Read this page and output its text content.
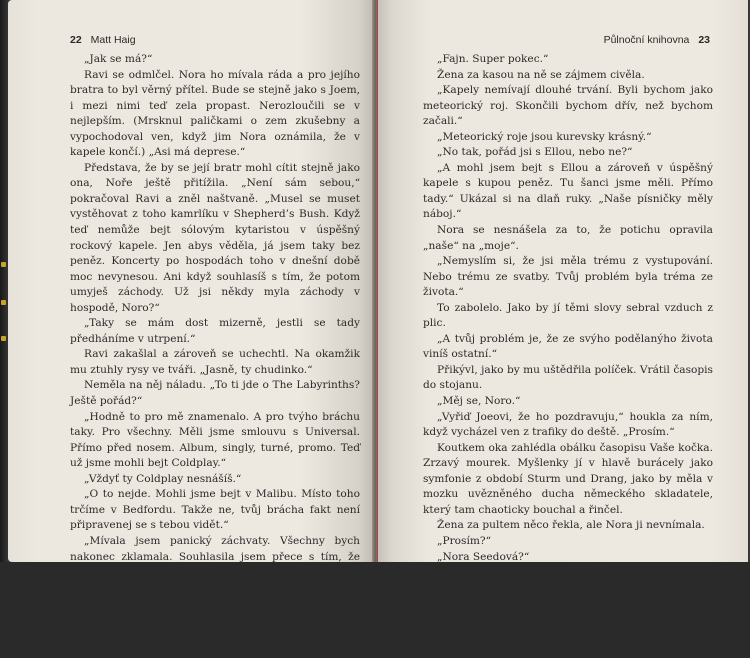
22 Matt Haig

„Jak se má?“

Ravi se odmlčel. Nora ho mívala ráda a pro jejího bratra to byl věrný přítel. Bude se stejně jako s Joem, i mezi nimi teď zela propast. Nerozloučili se v nejlepším. (Mrsknul paličkami o zem zkušebny a vypochodoval ven, když jim Nora oznámila, že v kapele končí.) „Asi má deprese.“

Představa, že by se její bratr mohl cítit stejně jako ona, Noře ještě přitížila. „Není sám sebou,“ pokračoval Ravi a zněl naštvaně. „Musel se muset vystěhovat z toho kamrlíku v Shepherd’s Bush. Když teď nemůže bejt sólovým kytaristou v úspěšný rockový kapele. Jen abys věděla, já jsem taky bez peněz. Koncerty po hospodách toho v dnešní době moc nevynesou. Ani když souhlasíš s tím, že potom umyješ záchody. Už jsi někdy myla záchody v hospodě, Noro?“

„Taky se mám dost mizerně, jestli se tady předháníme v utrpení.“

Ravi zakašlal a zároveň se uchechtl. Na okamžik mu ztuhly rysy ve tváři. „Jasně, ty chudinko.“

Neměla na něj náladu. „To ti jde o The Labyrinths? Ještě pořád?“

„Hodně to pro mě znamenalo. A pro tvýho bráchu taky. Pro všechny. Měli jsme smlouvu s Universal. Přímo před nosem. Album, singly, turné, promo. Teď už jsme mohli bejt Coldplay.“

„Vždyť ty Coldplay nesnášíš.“

„O to nejde. Mohli jsme bejt v Malibu. Místo toho trčíme v Bedfordu. Takže ne, tvůj brácha fakt není připravenej se s tebou vidět.“

„Mívala jsem panický záchvaty. Všechny bych nakonec zklamala. Souhlasila jsem přece s tím, že pro vás budu psát písničky. Nemohla jsem za to. Byla jsem zasnoubená. Byla jsem s Danem. Jemu to prostě vadilo.“

„Jo a jak ti to dopadlo?“

„Ravi, to není fér.“

Půlnoční knihovna 23

„Fajn. Super pokec.“

Žena za kasou na ně se zájmem civěla.

„Kapely nemívají dlouhé trvání. Byli bychom jako meteorický roj. Skončili bychom dřív, než bychom začali.“

„Meteorický roje jsou kurevsky krásný.“

„No tak, pořád jsi s Ellou, nebo ne?“

„A mohl jsem bejt s Ellou a zároveň v úspěšný kapele s kupou peněz. Tu šanci jsme měli. Přímo tady.“ Ukázal si na dlaň ruky. „Naše písničky měly náboj.“

Nora se nesnášela za to, že potichu opravila „naše“ na „moje“.

„Nemyslím si, že jsi měla trému z vystupování. Nebo trému ze svatby. Tvůj problém byla tréma ze života.“

To zabolelo. Jako by jí těmi slovy sebral vzduch z plic.

„A tvůj problém je, že ze svýho podělanýho života viníš ostatní.“

Přikývl, jako by mu uštědřila políček. Vrátil časopis do stojanu.

„Měj se, Noro.“

„Vyřiď Joeovi, že ho pozdravuju,“ houkla za ním, když vycházel ven z trafiky do deště. „Prosím.“

Koutkem oka zahlédla obálku časopisu Vaše kočka. Zrzavý mourek. Myšlenky jí v hlavě burácely jako symfonie z období Sturm und Drang, jako by měla v mozku uvězněného ducha německého skladatele, který tam chaoticky bouchal a řinčel.

Žena za pultem něco řekla, ale Nora ji nevnímala.

„Prosím?“

„Nora Seedová?“

Prodavačka byla veselá, uvolněná a bezstarostná způsobem, jaký Noře už dlouho nebyl vlastní. Měla blond mikádo a opálení ze solária. Nahnula se přes pult a opřela se o předloktí, jako by Nora byla lemur v zoologické zahradě.

„Jo.“
